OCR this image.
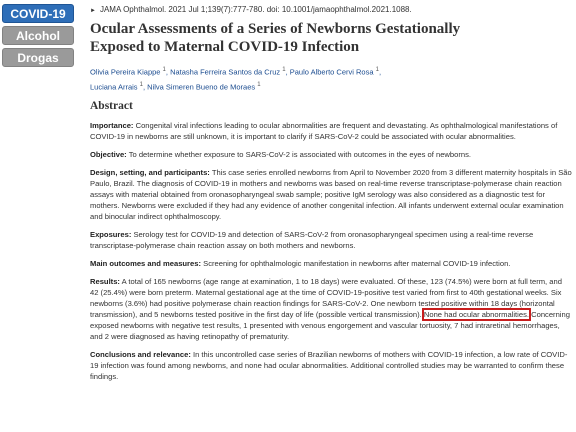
COVID-19
Alcohol
Drogas
► JAMA Ophthalmol. 2021 Jul 1;139(7):777-780. doi: 10.1001/jamaophthalmol.2021.1088.
Ocular Assessments of a Series of Newborns Gestationally Exposed to Maternal COVID-19 Infection
Olivia Pereira Kiappe $^1$, Natasha Ferreira Santos da Cruz $^1$, Paulo Alberto Cervi Rosa $^1$,
Luciana Arrais $^1$, Nilva Simeren Bueno de Moraes $^1$
Abstract
Importance: Congenital viral infections leading to ocular abnormalities are frequent and devastating. As ophthalmological manifestations of COVID-19 in newborns are still unknown, it is important to clarify if SARS-CoV-2 could be associated with ocular abnormalities.
Objective: To determine whether exposure to SARS-CoV-2 is associated with outcomes in the eyes of newborns.
Design, setting, and participants: This case series enrolled newborns from April to November 2020 from 3 different maternity hospitals in São Paulo, Brazil. The diagnosis of COVID-19 in mothers and newborns was based on real-time reverse transcriptase-polymerase chain reaction assays with material obtained from oronasopharyngeal swab sample; positive IgM serology was also considered as a diagnostic test for mothers. Newborns were excluded if they had any evidence of another congenital infection. All infants underwent external ocular examination and binocular indirect ophthalmoscopy.
Exposures: Serology test for COVID-19 and detection of SARS-CoV-2 from oronasopharyngeal specimen using a real-time reverse transcriptase-polymerase chain reaction assay on both mothers and newborns.
Main outcomes and measures: Screening for ophthalmologic manifestation in newborns after maternal COVID-19 infection.
Results: A total of 165 newborns (age range at examination, 1 to 18 days) were evaluated. Of these, 123 (74.5%) were born at full term, and 42 (25.4%) were born preterm. Maternal gestational age at the time of COVID-19-positive test varied from first to 40th gestational weeks. Six newborns (3.6%) had positive polymerase chain reaction findings for SARS-CoV-2. One newborn tested positive within 18 days (horizontal transmission), and 5 newborns tested positive in the first day of life (possible vertical transmission). None had ocular abnormalities. Concerning exposed newborns with negative test results, 1 presented with venous engorgement and vascular tortuosity, 7 had intraretinal hemorrhages, and 2 were diagnosed as having retinopathy of prematurity.
Conclusions and relevance: In this uncontrolled case series of Brazilian newborns of mothers with COVID-19 infection, a low rate of COVID-19 infection was found among newborns, and none had ocular abnormalities. Additional controlled studies may be warranted to confirm these findings.
